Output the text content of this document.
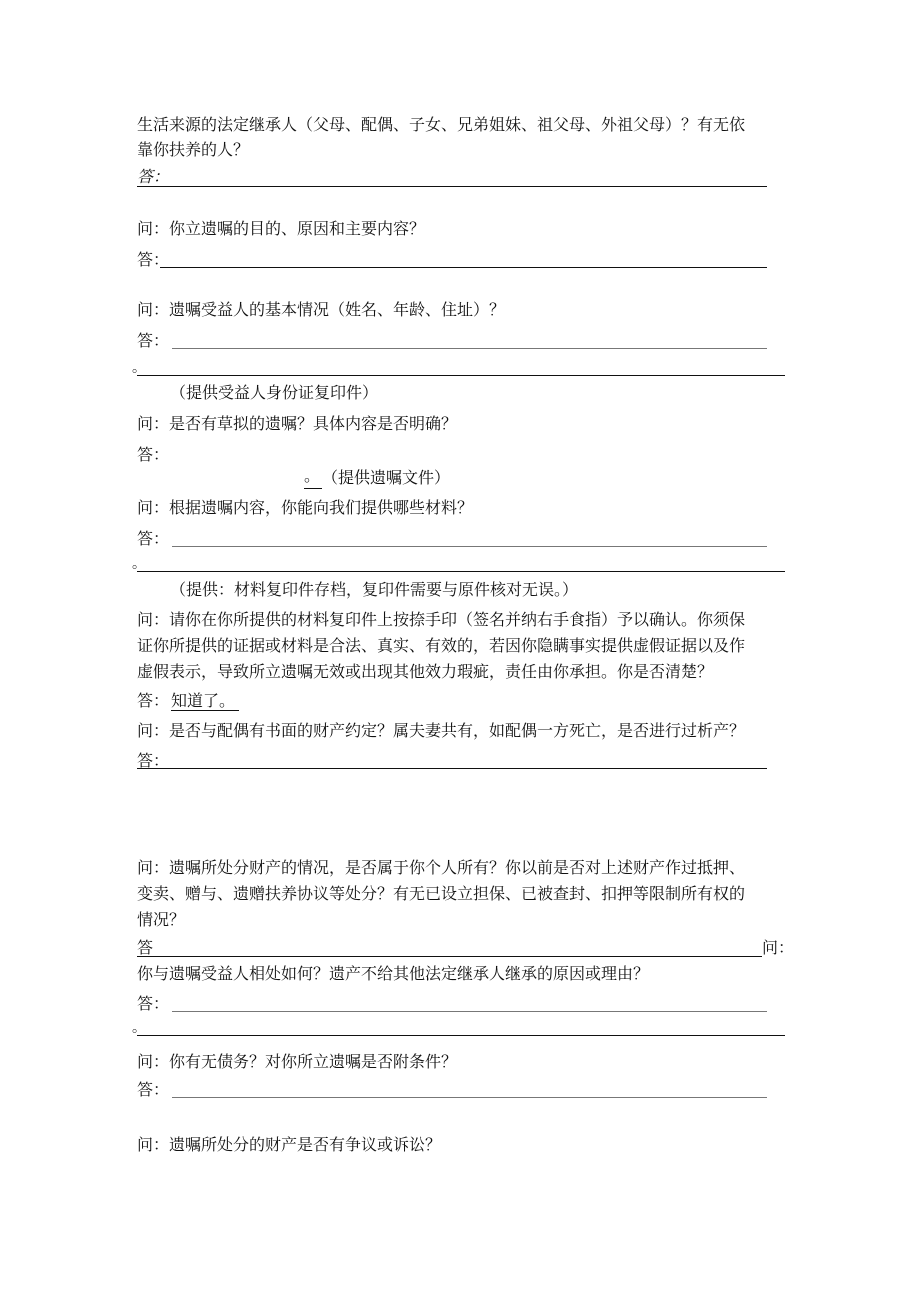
生活来源的法定继承人（父母、配偶、子女、兄弟姐妹、祖父母、外祖父母）？有无依
靠你扶养的人？
答：
问：你立遗嘱的目的、原因和主要内容？
答：
问：遗嘱受益人的基本情况（姓名、年龄、住址）？
答：
。
（提供受益人身份证复印件）
问：是否有草拟的遗嘱？具体内容是否明确？
答：
。 （提供遗嘱文件）
问：根据遗嘱内容，你能向我们提供哪些材料？
答：
。
（提供：材料复印件存档，复印件需要与原件核对无误。）
问：请你在你所提供的材料复印件上按捺手印（签名并纳右手食指）予以确认。你须保
证你所提供的证据或材料是合法、真实、有效的，若因你隐瞒事实提供虚假证据以及作
虚假表示，导致所立遗嘱无效或出现其他效力瑕疵，责任由你承担。你是否清楚？
答： 知道了。
问：是否与配偶有书面的财产约定？属夫妻共有，如配偶一方死亡，是否进行过析产？
答：
问：遗嘱所处分财产的情况，是否属于你个人所有？你以前是否对上述财产作过抵押、
变卖、赠与、遗赠扶养协议等处分？有无已设立担保、已被查封、扣押等限制所有权的
情况？
答	问：
你与遗嘱受益人相处如何？遗产不给其他法定继承人继承的原因或理由？
答：
。
问：你有无债务？对你所立遗嘱是否附条件？
答：
问：遗嘱所处分的财产是否有争议或诉讼？
